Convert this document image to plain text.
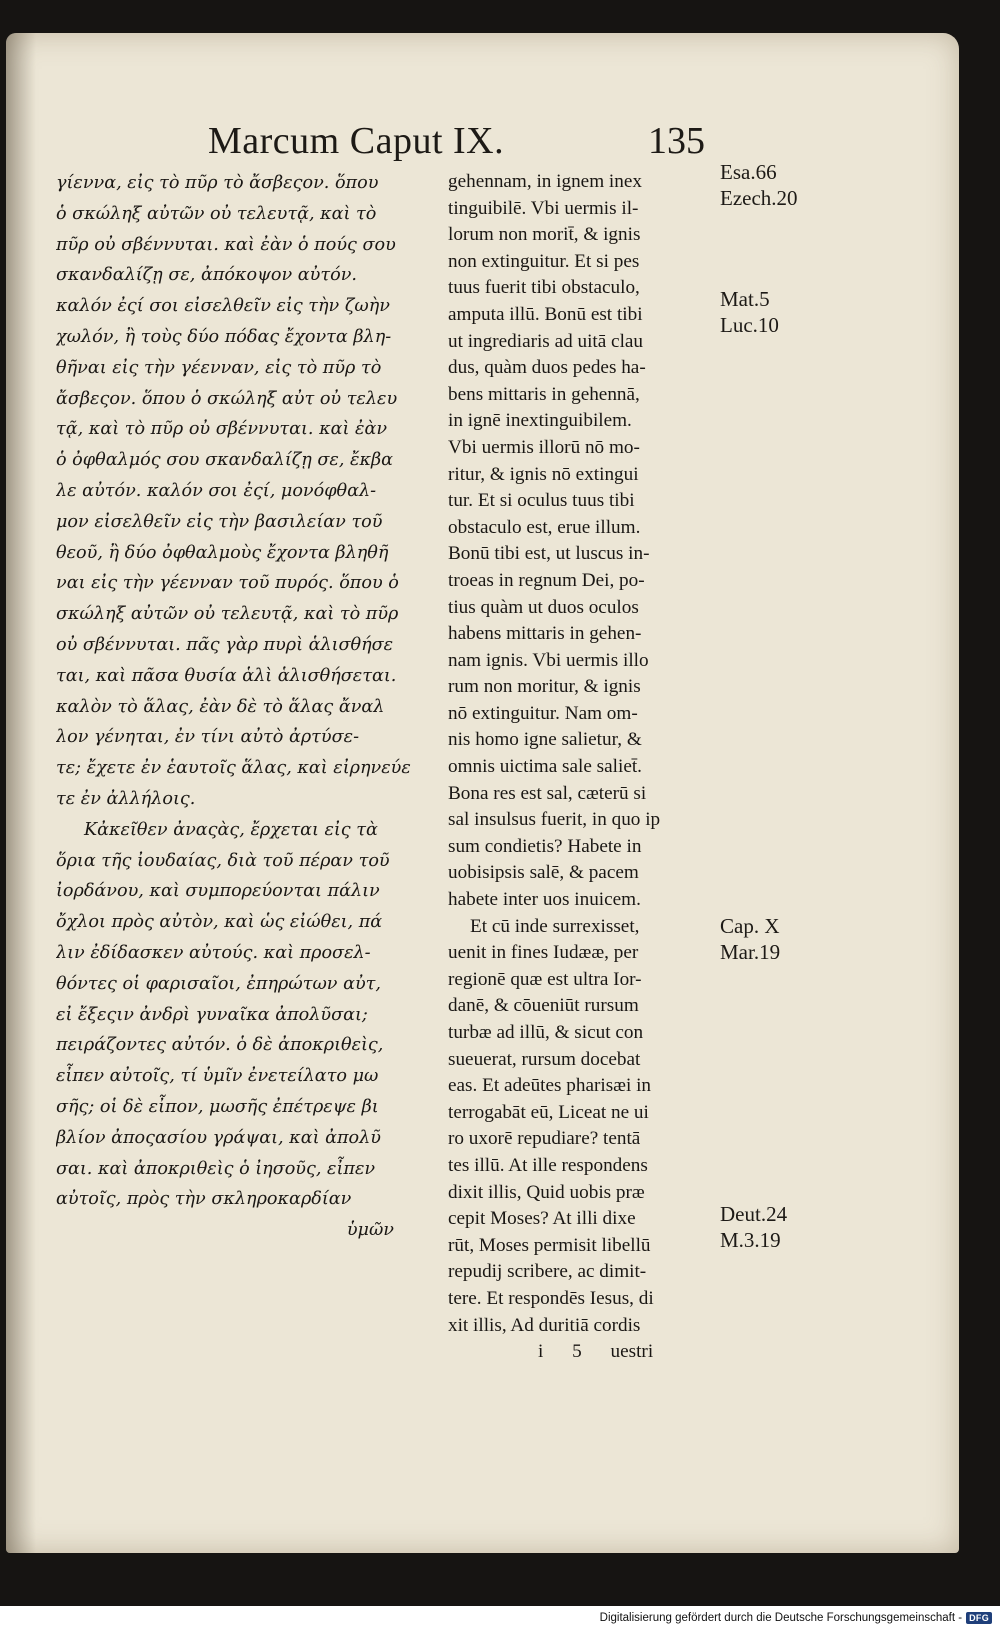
Marcum Caput IX.	135
γίεννα, εἰς τὸ πῦρ τὸ ἄσβεςον. ὅπου
ὁ σκώληξ αὐτῶν οὐ τελευτᾷ, καὶ τὸ
πῦρ οὐ σβέννυται. καὶ ἐὰν ὁ πούς σου
σκανδαλίζῃ σε, ἀπόκοψον αὐτόν.
καλόν ἐςί σοι εἰσελθεῖν εἰς τὴν ζωὴν
χωλόν, ἢ τοὺς δύο πόδας ἔχοντα βλη-
θῆναι εἰς τὴν γέενναν, εἰς τὸ πῦρ τὸ
ἄσβεςον. ὅπου ὁ σκώληξ αὐτ οὐ τελευ
τᾷ, καὶ τὸ πῦρ οὐ σβέννυται. καὶ ἐὰν
ὁ ὀφθαλμός σου σκανδαλίζῃ σε, ἔκβα
λε αὐτόν. καλόν σοι ἐςί, μονόφθαλ-
μον εἰσελθεῖν εἰς τὴν βασιλείαν τοῦ
θεοῦ, ἢ δύο ὀφθαλμοὺς ἔχοντα βληθῆ
ναι εἰς τὴν γέενναν τοῦ πυρός. ὅπου ὁ
σκώληξ αὐτῶν οὐ τελευτᾷ, καὶ τὸ πῦρ
οὐ σβέννυται. πᾶς γὰρ πυρὶ ἁλισθήσε
ται, καὶ πᾶσα θυσία ἁλὶ ἁλισθήσεται.
καλὸν τὸ ἅλας, ἐὰν δὲ τὸ ἅλας ἄναλ
λον γένηται, ἐν τίνι αὐτὸ ἀρτύσε-
τε; ἔχετε ἐν ἑαυτοῖς ἅλας, καὶ εἰρηνεύε
τε ἐν ἀλλήλοις.
Κἀκεῖθεν ἀναςὰς, ἔρχεται εἰς τὰ
ὅρια τῆς ἰουδαίας, διὰ τοῦ πέραν τοῦ
ἰορδάνου, καὶ συμπορεύονται πάλιν
ὄχλοι πρὸς αὐτὸν, καὶ ὡς εἰώθει, πά
λιν ἐδίδασκεν αὐτούς. καὶ προσελ-
θόντες οἱ φαρισαῖοι, ἐπηρώτων αὐτ,
εἰ ἔξεςιν ἀνδρὶ γυναῖκα ἀπολῦσαι;
πειράζοντες αὐτόν. ὁ δὲ ἀποκριθεὶς,
εἶπεν αὐτοῖς, τί ὑμῖν ἐνετείλατο μω
σῆς; οἱ δὲ εἶπον, μωσῆς ἐπέτρεψε βι
βλίον ἀποςασίου γράψαι, καὶ ἀπολῦ
σαι. καὶ ἀποκριθεὶς ὁ ἰησοῦς, εἶπεν
αὐτοῖς, πρὸς τὴν σκληροκαρδίαν
ὑμῶν
gehennam, in ignem inex
tinguibilē. Vbi uermis il-
lorum non morit̄, & ignis
non extinguitur. Et si pes
tuus fuerit tibi obstaculo,
amputa illū. Bonū est tibi
ut ingrediaris ad uitā clau
dus, quàm duos pedes ha-
bens mittaris in gehennā,
in ignē inextinguibilem.
Vbi uermis illorū nō mo-
ritur, & ignis nō extingui
tur. Et si oculus tuus tibi
obstaculo est, erue illum.
Bonū tibi est, ut luscus in-
troeas in regnum Dei, po-
tius quàm ut duos oculos
habens mittaris in gehen-
nam ignis. Vbi uermis illo
rum non moritur, & ignis
nō extinguitur. Nam om-
nis homo igne salietur, &
omnis uictima sale saliet̄.
Bona res est sal, cæterū si
sal insulsus fuerit, in quo ip
sum condietis? Habete in
uobisipsis salē, & pacem
habete inter uos inuicem.
Et cū inde surrexisset,
uenit in fines Iudææ, per
regionē quæ est ultra Ior-
danē, & cōueniūt rursum
turbæ ad illū, & sicut con
sueuerat, rursum docebat
eas. Et adeūtes pharisæi in
terrogabāt eū, Liceat ne ui
ro uxorē repudiare? tentā
tes illū. At ille respondens
dixit illis, Quid uobis præ
cepit Moses? At illi dixe
rūt, Moses permisit libellū
repudij scribere, ac dimit-
tere. Et respondēs Iesus, di
xit illis, Ad duritiā cordis
i 5 uestri
Esa.66
Ezech.20
Mat.5
Luc.10
Cap. X
Mar.19
Deut.24
M.3.19
Digitalisierung gefördert durch die Deutsche Forschungsgemeinschaft - DFG
